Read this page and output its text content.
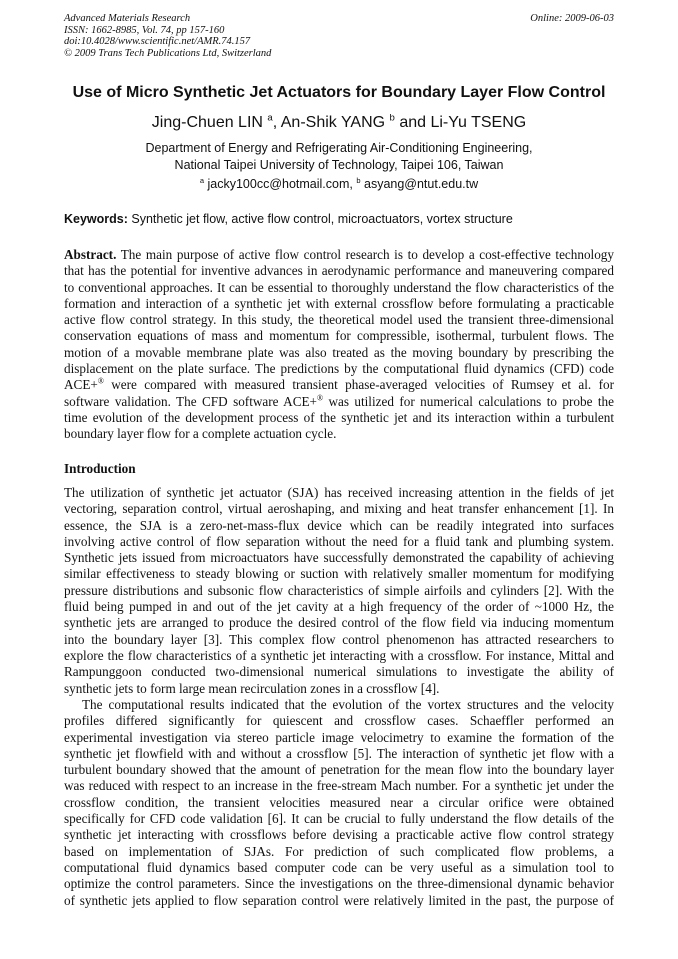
Advanced Materials Research
ISSN: 1662-8985, Vol. 74, pp 157-160
doi:10.4028/www.scientific.net/AMR.74.157
© 2009 Trans Tech Publications Ltd, Switzerland
Online: 2009-06-03
Use of Micro Synthetic Jet Actuators for Boundary Layer Flow Control
Jing-Chuen LIN $^a$, An-Shik YANG $^b$ and Li-Yu TSENG
Department of Energy and Refrigerating Air-Conditioning Engineering,
National Taipei University of Technology, Taipei 106, Taiwan
$^a$ jacky100cc@hotmail.com, $^b$ asyang@ntut.edu.tw
Keywords: Synthetic jet flow, active flow control, microactuators, vortex structure
Abstract. The main purpose of active flow control research is to develop a cost-effective technology
that has the potential for inventive advances in aerodynamic performance and maneuvering compared
to conventional approaches. It can be essential to thoroughly understand the flow characteristics of the
formation and interaction of a synthetic jet with external crossflow before formulating a practicable
active flow control strategy. In this study, the theoretical model used the transient three-dimensional
conservation equations of mass and momentum for compressible, isothermal, turbulent flows. The
motion of a movable membrane plate was also treated as the moving boundary by prescribing the
displacement on the plate surface. The predictions by the computational fluid dynamics (CFD) code
ACE+® were compared with measured transient phase-averaged velocities of Rumsey et al. for
software validation. The CFD software ACE+® was utilized for numerical calculations to probe the
time evolution of the development process of the synthetic jet and its interaction within a turbulent
boundary layer flow for a complete actuation cycle.
Introduction
The utilization of synthetic jet actuator (SJA) has received increasing attention in the fields of jet
vectoring, separation control, virtual aeroshaping, and mixing and heat transfer enhancement [1]. In
essence, the SJA is a zero-net-mass-flux device which can be readily integrated into surfaces
involving active control of flow separation without the need for a fluid tank and plumbing system.
Synthetic jets issued from microactuators have successfully demonstrated the capability of achieving
similar effectiveness to steady blowing or suction with relatively smaller momentum for modifying
pressure distributions and subsonic flow characteristics of simple airfoils and cylinders [2]. With the
fluid being pumped in and out of the jet cavity at a high frequency of the order of ~1000 Hz, the
synthetic jets are arranged to produce the desired control of the flow field via inducing momentum
into the boundary layer [3]. This complex flow control phenomenon has attracted researchers to
explore the flow characteristics of a synthetic jet interacting with a crossflow. For instance, Mittal and
Rampunggoon conducted two-dimensional numerical simulations to investigate the ability of
synthetic jets to form large mean recirculation zones in a crossflow [4].
The computational results indicated that the evolution of the vortex structures and the velocity
profiles differed significantly for quiescent and crossflow cases. Schaeffler performed an
experimental investigation via stereo particle image velocimetry to examine the formation of the
synthetic jet flowfield with and without a crossflow [5]. The interaction of synthetic jet flow with a
turbulent boundary showed that the amount of penetration for the mean flow into the boundary layer
was reduced with respect to an increase in the free-stream Mach number. For a synthetic jet under the
crossflow condition, the transient velocities measured near a circular orifice were obtained
specifically for CFD code validation [6]. It can be crucial to fully understand the flow details of the
synthetic jet interacting with crossflows before devising a practicable active flow control strategy
based on implementation of SJAs. For prediction of such complicated flow problems, a
computational fluid dynamics based computer code can be very useful as a simulation tool to
optimize the control parameters. Since the investigations on the three-dimensional dynamic behavior
of synthetic jets applied to flow separation control were relatively limited in the past, the purpose of
